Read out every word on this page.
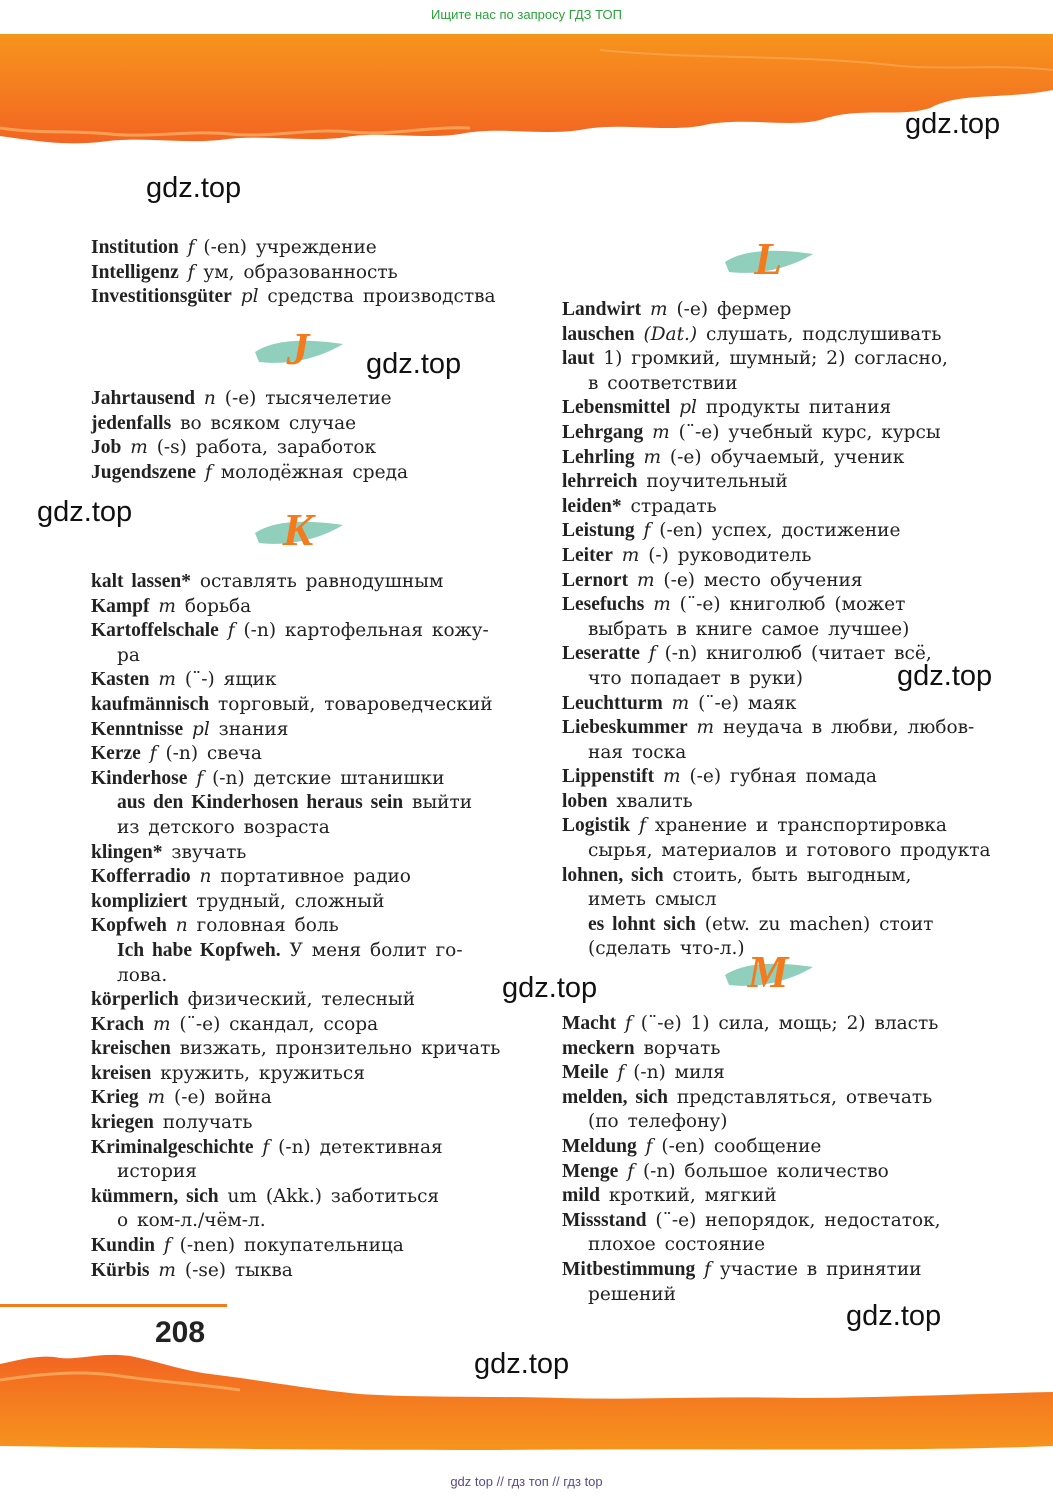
Ищите нас по запросу ГДЗ ТОП
gdz.top
gdz.top
gdz.top
gdz.top
gdz.top
gdz.top
gdz.top
gdz.top
J
K
L
M
Institution f (-en) учреждение
Intelligenz f ум, образованность
Investitionsgüter pl средства производства
Jahrtausend n (-e) тысячелетие
jedenfalls во всяком случае
Job m (-s) работа, заработок
Jugendszene f молодёжная среда
kalt lassen* оставлять равнодушным
Kampf m борьба
Kartoffelschale f (-n) картофельная кожу-
ра
Kasten m (¨-) ящик
kaufmännisch торговый, товароведческий
Kenntnisse pl знания
Kerze f (-n) свеча
Kinderhose f (-n) детские штанишки
aus den Kinderhosen heraus sein выйти
из детского возраста
klingen* звучать
Kofferradio n портативное радио
kompliziert трудный, сложный
Kopfweh n головная боль
Ich habe Kopfweh. У меня болит го-
лова.
körperlich физический, телесный
Krach m (¨-e) скандал, ссора
kreischen визжать, пронзительно кричать
kreisen кружить, кружиться
Krieg m (-e) война
kriegen получать
Kriminalgeschichte f (-n) детективная
история
kümmern, sich um (Akk.) заботиться
о ком-л./чём-л.
Kundin f (-nen) покупательница
Kürbis m (-se) тыква
Landwirt m (-e) фермер
lauschen (Dat.) слушать, подслушивать
laut 1) громкий, шумный; 2) согласно,
в соответствии
Lebensmittel pl продукты питания
Lehrgang m (¨-e) учебный курс, курсы
Lehrling m (-e) обучаемый, ученик
lehrreich поучительный
leiden* страдать
Leistung f (-en) успех, достижение
Leiter m (-) руководитель
Lernort m (-e) место обучения
Lesefuchs m (¨-e) книголюб (может
выбрать в книге самое лучшее)
Leseratte f (-n) книголюб (читает всё,
что попадает в руки)
Leuchtturm m (¨-e) маяк
Liebeskummer m неудача в любви, любов-
ная тоска
Lippenstift m (-e) губная помада
loben хвалить
Logistik f хранение и транспортировка
сырья, материалов и готового продукта
lohnen, sich стоить, быть выгодным,
иметь смысл
es lohnt sich (etw. zu machen) стоит
(сделать что-л.)
Macht f (¨-e) 1) сила, мощь; 2) власть
meckern ворчать
Meile f (-n) миля
melden, sich представляться, отвечать
(по телефону)
Meldung f (-en) сообщение
Menge f (-n) большое количество
mild кроткий, мягкий
Missstand (¨-e) непорядок, недостаток,
плохое состояние
Mitbestimmung f участие в принятии
решений
208
gdz top // гдз топ // гдз top
